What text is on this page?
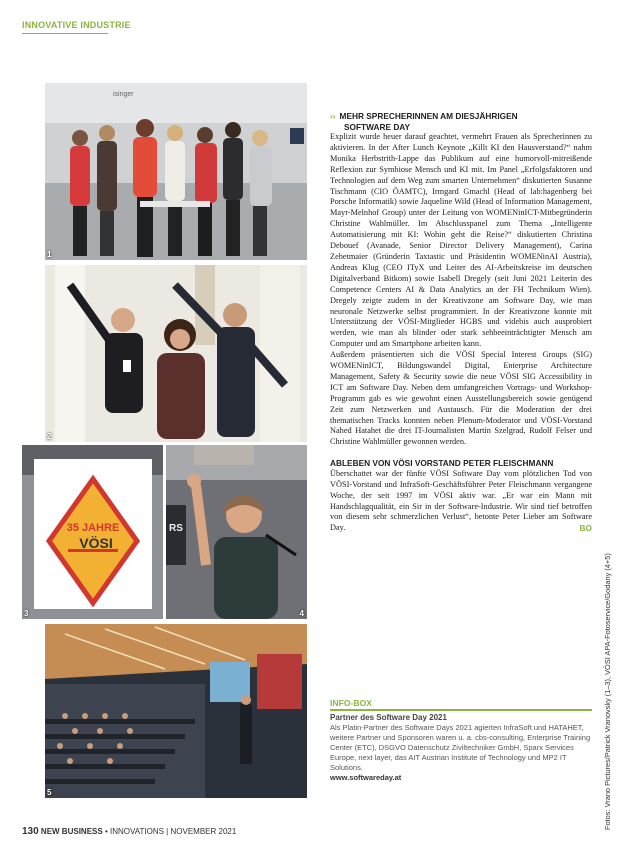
INNOVATIVE INDUSTRIE
isinger
1
2
35 JAHRE
VÖSI
3
RS
4
5
›› MEHR SPRECHERINNEN AM DIESJÄHRIGEN
SOFTWARE DAY

Explizit wurde heuer darauf geachtet, vermehrt Frauen als Sprecherinnen zu aktivieren. In der After Lunch Keynote „Killt KI den Hausverstand?“ nahm Monika Herbstrith-Lappe das Publikum auf eine humorvoll-mitreißende Reflexion zur Symbiose Mensch und KI mit. Im Panel „Erfolgsfaktoren und Technologien auf dem Weg zum smarten Unternehmen“ diskutierten Susanne Tischmann (CIO ÖAMTC), Irmgard Gmachl (Head of lab:hagenberg bei Porsche Informatik) sowie Jaqueline Wild (Head of Information Management, Mayr-Melnhof Group) unter der Leitung von WOMENinICT-Mitbegründerin Christine Wahlmüller. Im Abschlusspanel zum Thema „Intelligente Automatisierung mit KI: Wohin geht die Reise?“ diskutierten Christina Debouef (Avanade, Senior Director Delivery Management), Carina Zehetmaier (Gründerin Taxtastic und Präsidentin WOMENinAI Austria), Andreas Klug (CEO ITyX und Leiter des AI-Arbeitskreise im deutschen Digitalverband Bitkom) sowie Isabell Dregely (seit Juni 2021 Leiterin des Competence Centers AI & Data Analytics an der FH Technikum Wien). Dregely zeigte zudem in der Kreativzone am Software Day, wie man neuronale Netzwerke selbst programmiert. In der Kreativzone konnte mit Unterstützung der VÖSI-Mitglieder HGBS und videbis auch ausprobiert werden, wie man als blinder oder stark sehbeeinträchtigter Mensch am Computer und am Smartphone arbeiten kann.

Außerdem präsentierten sich die VÖSI Special Interest Groups (SIG) WOMENinICT, Bildungswandel Digital, Enterprise Architecture Management, Safety & Security sowie die neue VÖSI SIG Accessibility in ICT am Software Day. Neben dem umfangreichen Vortrags- und Workshop-Programm gab es wie gewohnt einen Ausstellungsbereich sowie genügend Zeit zum Netzwerken und Austausch. Für die Moderation der drei thematischen Tracks konnten neben Plenum-Moderator und VÖSI-Vorstand Nahed Hatahet die drei IT-Journalisten Martin Szelgrad, Rudolf Felser und Christine Wahlmüller gewonnen werden.

ABLEBEN VON VÖSI VORSTAND PETER FLEISCHMANN

Überschattet war der fünfte VÖSI Software Day vom plötzlichen Tod von VÖSI-Vorstand und InfraSoft-Geschäftsführer Peter Fleischmann vergangene Woche, der seit 1997 im VÖSI aktiv war. „Er war ein Mann mit Handschlagqualität, ein Sir in der Software-Industrie. Wir sind tief betroffen von diesem sehr schmerzlichen Verlust“, betonte Peter Lieber am Software Day.	BO

INFO-BOX
Partner des Software Day 2021
Als Platin-Partner des Software Days 2021 agierten InfraSoft und HATAHET, weitere Partner und Sponsoren waren u. a. cbs-consulting, Enterprise Training Center (ETC), DSGVO Datenschutz Ziviltechniker GmbH, Sparx Services Europe, next layer, das AIT Austrian Institute of Technology und MP2 IT Solutions.
www.softwareday.at	Fotos: Vrano Pictures/Patrick Vranovsky (1–3), VÖSI APA-Fotoservice/Godany (4+5)
130 NEW BUSINESS • INNOVATIONS | NOVEMBER 2021
